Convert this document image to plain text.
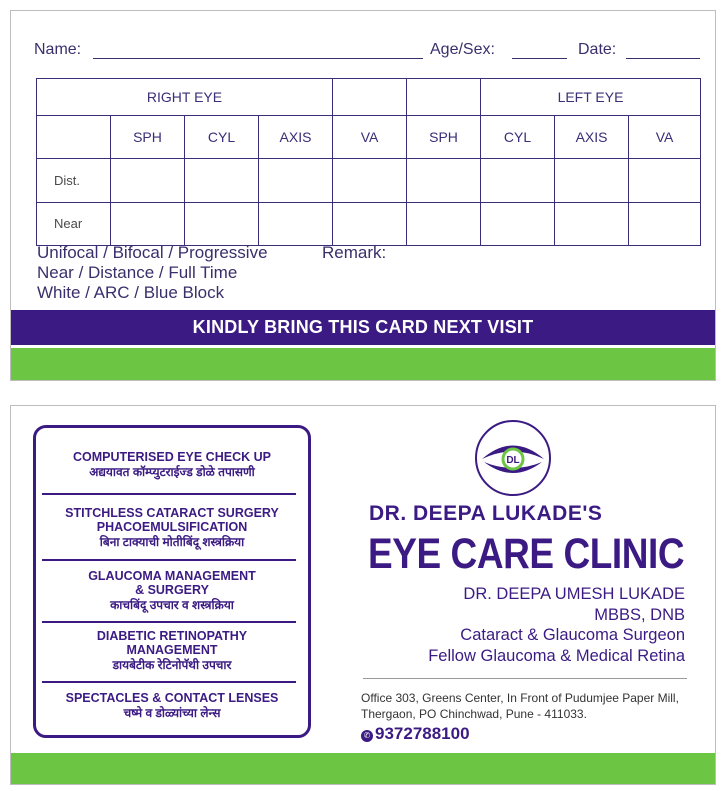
Name:	Age/Sex:	Date:
RIGHT EYE						LEFT EYE		
	SPH	CYL	AXIS	VA	SPH	CYL	AXIS	VA
Dist.								
Near								
Unifocal / Bifocal / Progressive
Near / Distance / Full Time
White / ARC / Blue Block
Remark:
KINDLY BRING THIS CARD NEXT VISIT
COMPUTERISED EYE CHECK UP
अद्ययावत कॉम्प्युटराईज्ड डोळे तपासणी
STITCHLESS CATARACT SURGERY
PHACOEMULSIFICATION
बिना टाक्याची मोतीबिंदू शस्त्रक्रिया
GLAUCOMA MANAGEMENT
& SURGERY
काचबिंदू उपचार व शस्त्रक्रिया
DIABETIC RETINOPATHY
MANAGEMENT
डायबेटीक रेटिनोपॅथी उपचार
SPECTACLES & CONTACT LENSES
चष्मे व डोळ्यांच्या लेन्स
DL
DR. DEEPA LUKADE'S
EYE CARE CLINIC
DR. DEEPA UMESH LUKADE
MBBS, DNB
Cataract & Glaucoma Surgeon
Fellow Glaucoma & Medical Retina
Office 303, Greens Center, In Front of Pudumjee Paper Mill,
Thergaon, PO Chinchwad, Pune - 411033.
✆ 9372788100
